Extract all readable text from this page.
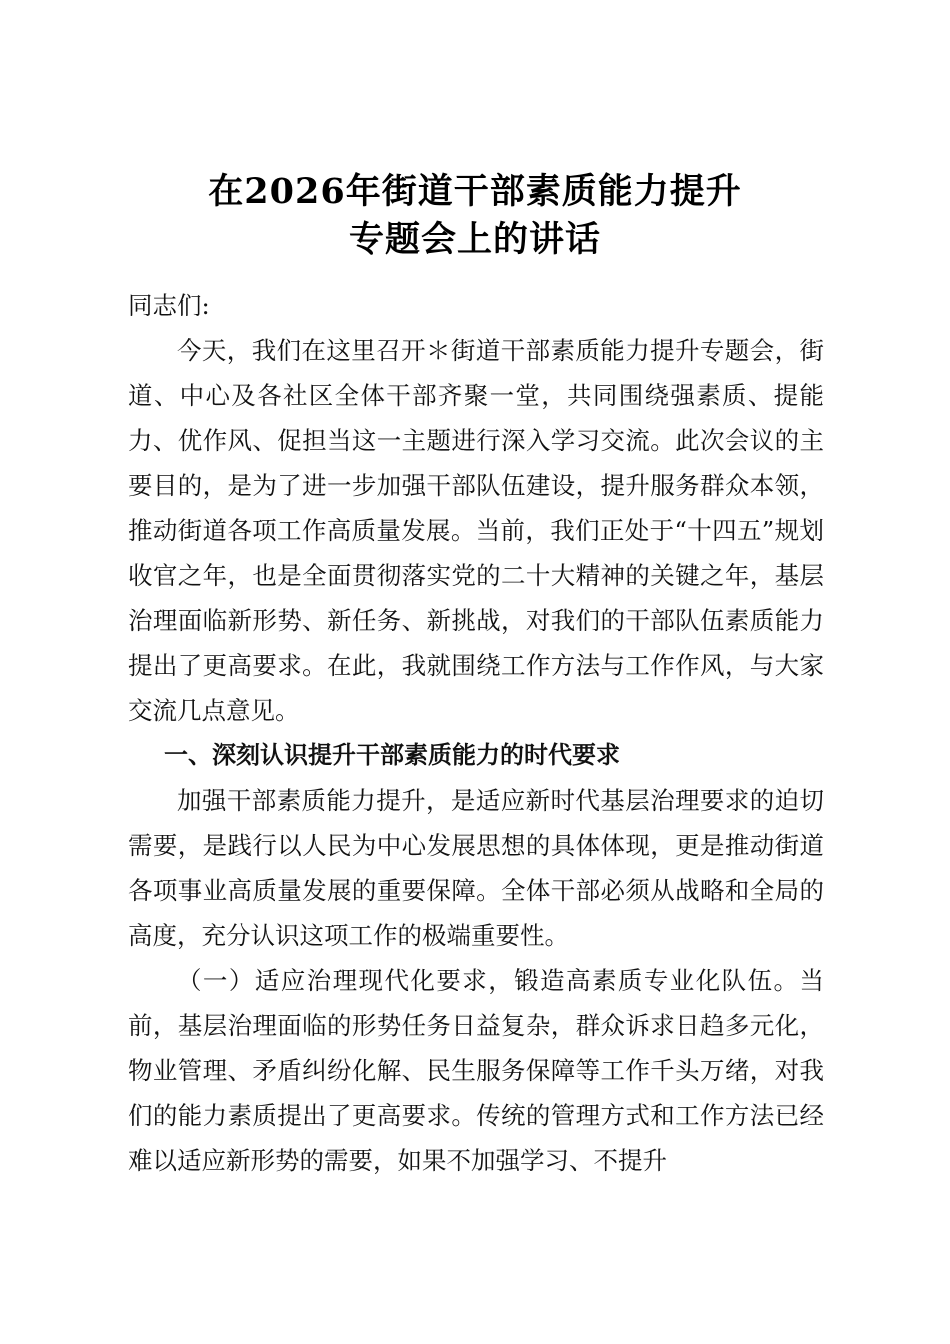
在2026年街道干部素质能力提升
专题会上的讲话
同志们:

今天，我们在这里召开＊街道干部素质能力提升专题会，街道、中心及各社区全体干部齐聚一堂，共同围绕强素质、提能力、优作风、促担当这一主题进行深入学习交流。此次会议的主要目的，是为了进一步加强干部队伍建设，提升服务群众本领，推动街道各项工作高质量发展。当前，我们正处于“十四五”规划收官之年，也是全面贯彻落实党的二十大精神的关键之年，基层治理面临新形势、新任务、新挑战，对我们的干部队伍素质能力提出了更高要求。在此，我就围绕工作方法与工作作风，与大家交流几点意见。

一、深刻认识提升干部素质能力的时代要求

加强干部素质能力提升，是适应新时代基层治理要求的迫切需要，是践行以人民为中心发展思想的具体体现，更是推动街道各项事业高质量发展的重要保障。全体干部必须从战略和全局的高度，充分认识这项工作的极端重要性。

（一）适应治理现代化要求，锻造高素质专业化队伍。当前，基层治理面临的形势任务日益复杂，群众诉求日趋多元化，物业管理、矛盾纠纷化解、民生服务保障等工作千头万绪，对我们的能力素质提出了更高要求。传统的管理方式和工作方法已经难以适应新形势的需要，如果不加强学习、不提升
